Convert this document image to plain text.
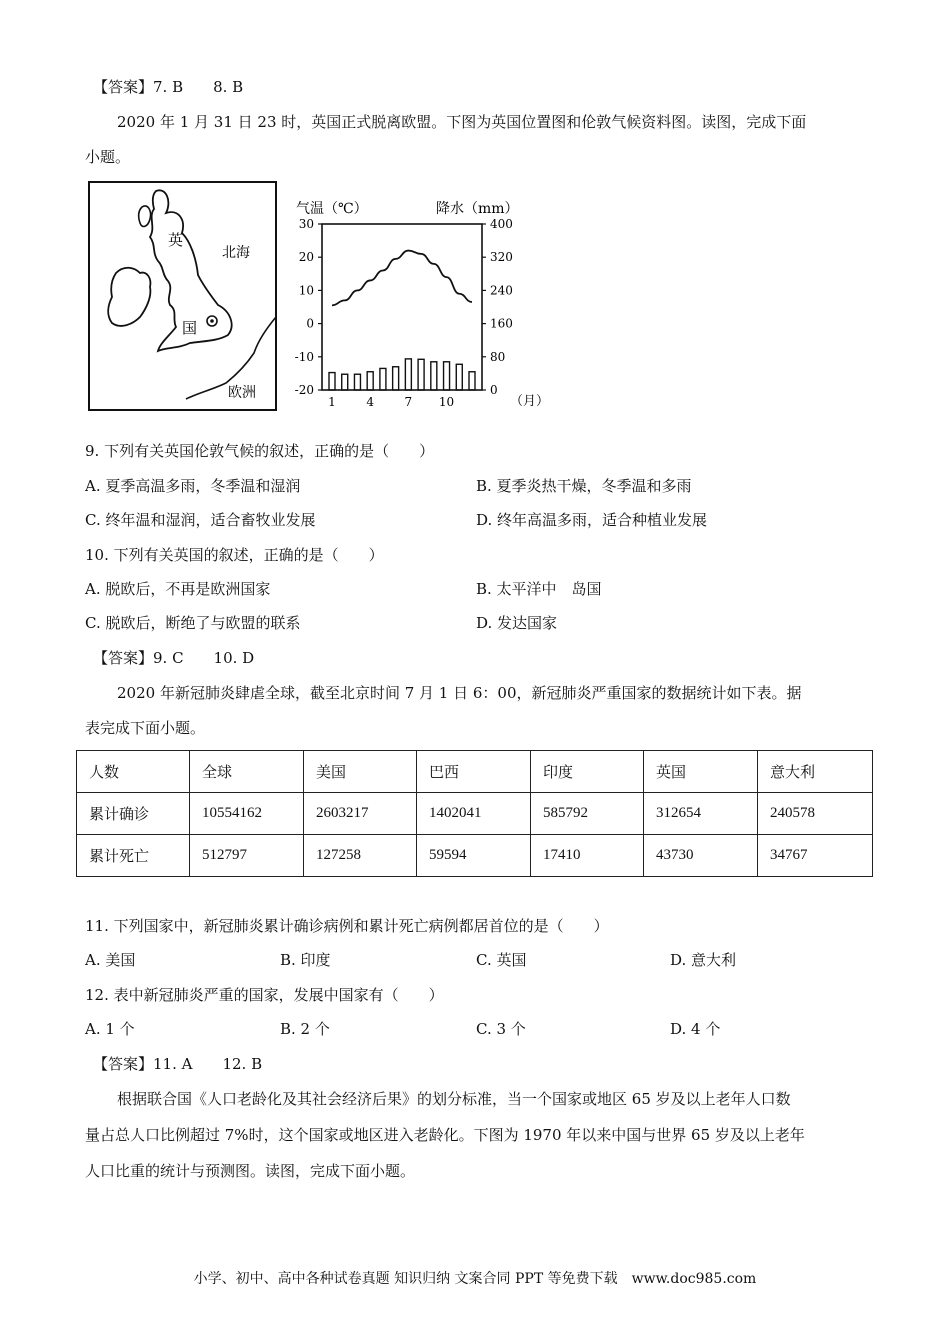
【答案】7. B　　8. B
2020 年 1 月 31 日 23 时，英国正式脱离欧盟。下图为英国位置图和伦敦气候资料图。读图，完成下面
小题。
英
国
北海
欧洲
气温（℃）	降水（mm）
30
20
10
0
-10
-20
400
320
240
160
80
0
1	4	7 10	（月）
9. 下列有关英国伦敦气候的叙述，正确的是（　　）
A. 夏季高温多雨，冬季温和湿润	B. 夏季炎热干燥，冬季温和多雨
C. 终年温和湿润，适合畜牧业发展	D. 终年高温多雨，适合种植业发展
10. 下列有关英国的叙述，正确的是（　　）
A. 脱欧后，不再是欧洲国家	B. 太平洋中　岛国
C. 脱欧后，断绝了与欧盟的联系	D. 发达国家
【答案】9. C　　10. D
2020 年新冠肺炎肆虐全球，截至北京时间 7 月 1 日 6：00，新冠肺炎严重国家的数据统计如下表。据
表完成下面小题。
人数	全球	美国	巴西	印度	英国	意大利
累计确诊	10554162	2603217	1402041	585792	312654	240578
累计死亡	512797	127258	59594	17410	43730	34767
11. 下列国家中，新冠肺炎累计确诊病例和累计死亡病例都居首位的是（　　）
A. 美国	B. 印度	C. 英国	D. 意大利
12. 表中新冠肺炎严重的国家，发展中国家有（　　）
A. 1 个	B. 2 个	C. 3 个	D. 4 个
【答案】11. A　　12. B
根据联合国《人口老龄化及其社会经济后果》的划分标准，当一个国家或地区 65 岁及以上老年人口数
量占总人口比例超过 7%时，这个国家或地区进入老龄化。下图为 1970 年以来中国与世界 65 岁及以上老年
人口比重的统计与预测图。读图，完成下面小题。
小学、初中、高中各种试卷真题 知识归纳 文案合同 PPT 等免费下载　www.doc985.com
